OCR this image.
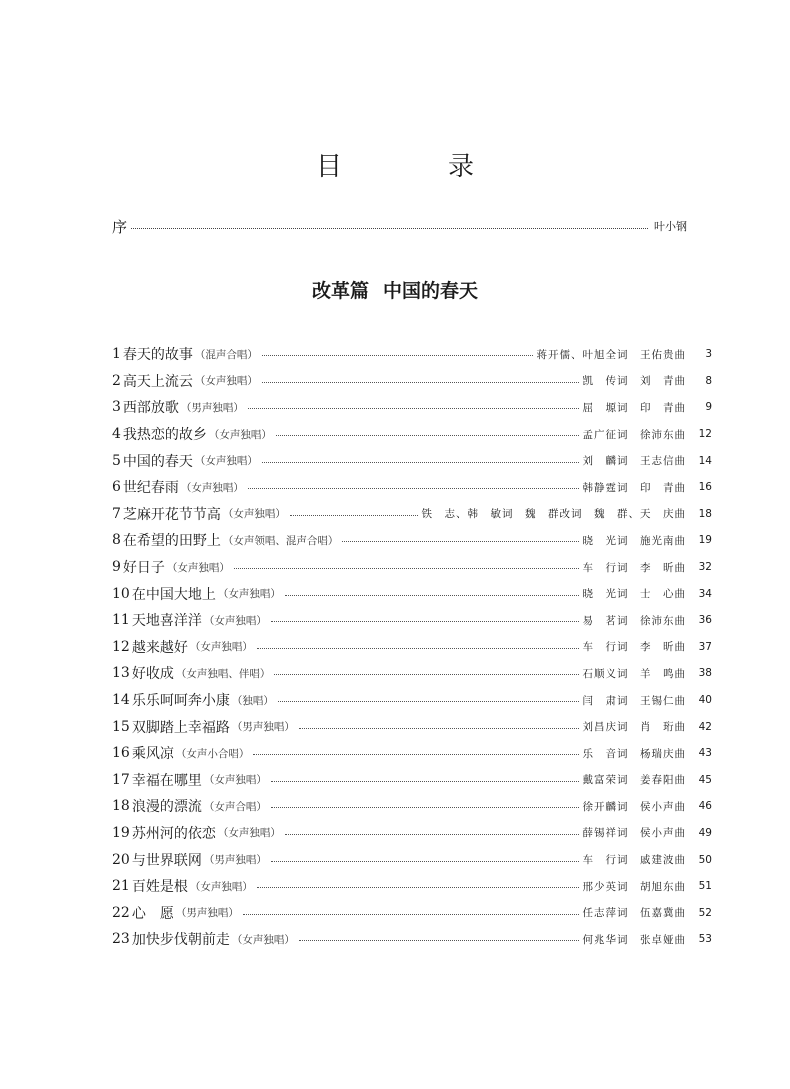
目　录
序	叶小钢
改革篇 中国的春天
1 春天的故事 （混声合唱）	蒋开儒、叶旭全词　王佑贵曲	3
2 高天上流云 （女声独唱）	凯　传词　刘　青曲	8
3 西部放歌 （男声独唱）	屈　塬词　印　青曲	9
4 我热恋的故乡 （女声独唱）	孟广征词　徐沛东曲	12
5 中国的春天 （女声独唱）	刘　麟词　王志信曲	14
6 世纪春雨 （女声独唱）	韩静霆词　印　青曲	16
7 芝麻开花节节高 （女声独唱）	铁　志、韩　敏词　魏　群改词　魏　群、天　庆曲	18
8 在希望的田野上 （女声领唱、混声合唱）	晓　光词　施光南曲	19
9 好日子 （女声独唱）	车　行词　李　昕曲	32
10 在中国大地上 （女声独唱）	晓　光词　士　心曲	34
11 天地喜洋洋 （女声独唱）	易　茗词　徐沛东曲	36
12 越来越好 （女声独唱）	车　行词　李　昕曲	37
13 好收成 （女声独唱、伴唱）	石顺义词　羊　鸣曲	38
14 乐乐呵呵奔小康 （独唱）	闫　肃词　王锡仁曲	40
15 双脚踏上幸福路 （男声独唱）	刘昌庆词　肖　珩曲	42
16 乘风凉 （女声小合唱）	乐　音词　杨瑞庆曲	43
17 幸福在哪里 （女声独唱）	戴富荣词　姜春阳曲	45
18 浪漫的漂流 （女声合唱）	徐开麟词　侯小声曲	46
19 苏州河的依恋 （女声独唱）	薛锡祥词　侯小声曲	49
20 与世界联网 （男声独唱）	车　行词　戚建波曲	50
21 百姓是根 （女声独唱）	邢少英词　胡旭东曲	51
22 心　愿 （男声独唱）	任志萍词　伍嘉冀曲	52
23 加快步伐朝前走 （女声独唱）	何兆华词　张卓娅曲	53
